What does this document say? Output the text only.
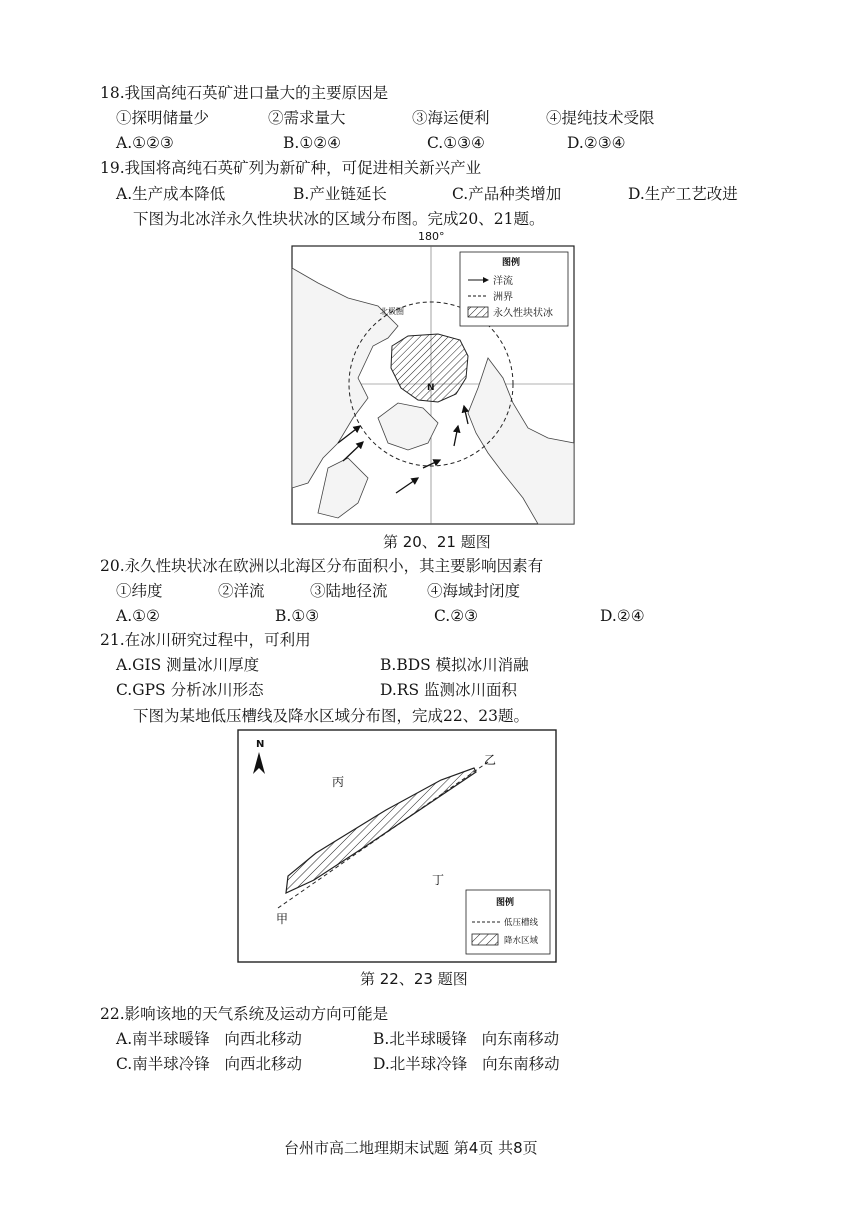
18.我国高纯石英矿进口量大的主要原因是
①探明储量少	②需求量大	③海运便利	④提纯技术受限
A.①②③	B.①②④	C.①③④	D.②③④
19.我国将高纯石英矿列为新矿种，可促进相关新兴产业
A.生产成本降低	B.产业链延长	C.产品种类增加	D.生产工艺改进
下图为北冰洋永久性块状冰的区域分布图。完成20、21题。
180°
北极圈
N
图例
洋流
洲界
永久性块状冰
第 20、21 题图
20.永久性块状冰在欧洲以北海区分布面积小，其主要影响因素有
①纬度	②洋流	③陆地径流	④海域封闭度
A.①②	B.①③	C.②③	D.②④
21.在冰川研究过程中，可利用
A.GIS 测量冰川厚度	B.BDS 模拟冰川消融
C.GPS 分析冰川形态	D.RS 监测冰川面积
下图为某地低压槽线及降水区域分布图，完成22、23题。
N
丙
丁
甲
乙
图例
低压槽线
降水区域
第 22、23 题图
22.影响该地的天气系统及运动方向可能是
A.南半球暖锋   向西北移动	B.北半球暖锋   向东南移动
C.南半球冷锋   向西北移动	D.北半球冷锋   向东南移动
台州市高二地理期末试题 第4页 共8页
